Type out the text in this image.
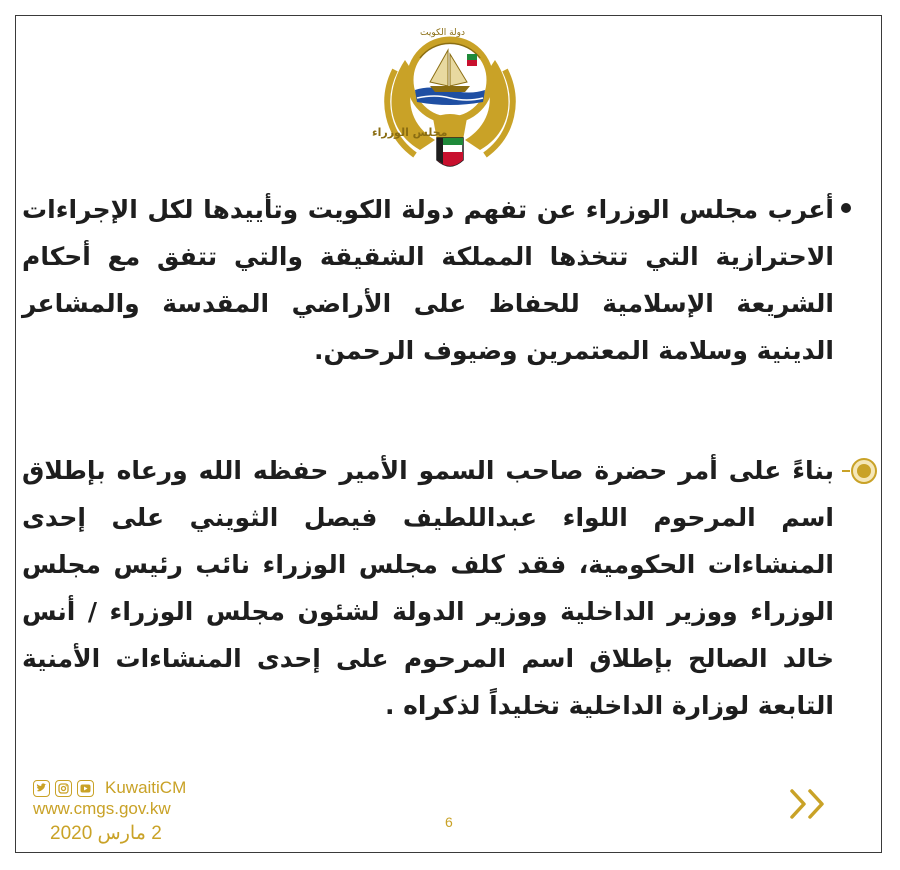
دولة الكويت
مجلس الوزراء

أعرب مجلس الوزراء عن تفهم دولة الكويت وتأييدها لكل الإجراءات الاحترازية التي تتخذها المملكة الشقيقة والتي تتفق مع أحكام الشريعة الإسلامية للحفاظ على الأراضي المقدسة والمشاعر الدينية وسلامة المعتمرين وضيوف الرحمن.

بناءً على أمر حضرة صاحب السمو الأمير حفظه الله ورعاه بإطلاق اسم المرحوم اللواء عبداللطيف فيصل الثويني على إحدى المنشاءات الحكومية، فقد كلف مجلس الوزراء نائب رئيس مجلس الوزراء ووزير الداخلية ووزير الدولة لشئون مجلس الوزراء / أنس خالد الصالح بإطلاق اسم المرحوم على إحدى المنشاءات الأمنية التابعة لوزارة الداخلية تخليداً لذكراه .

KuwaitiCM
www.cmgs.gov.kw
2 مارس 2020
6
